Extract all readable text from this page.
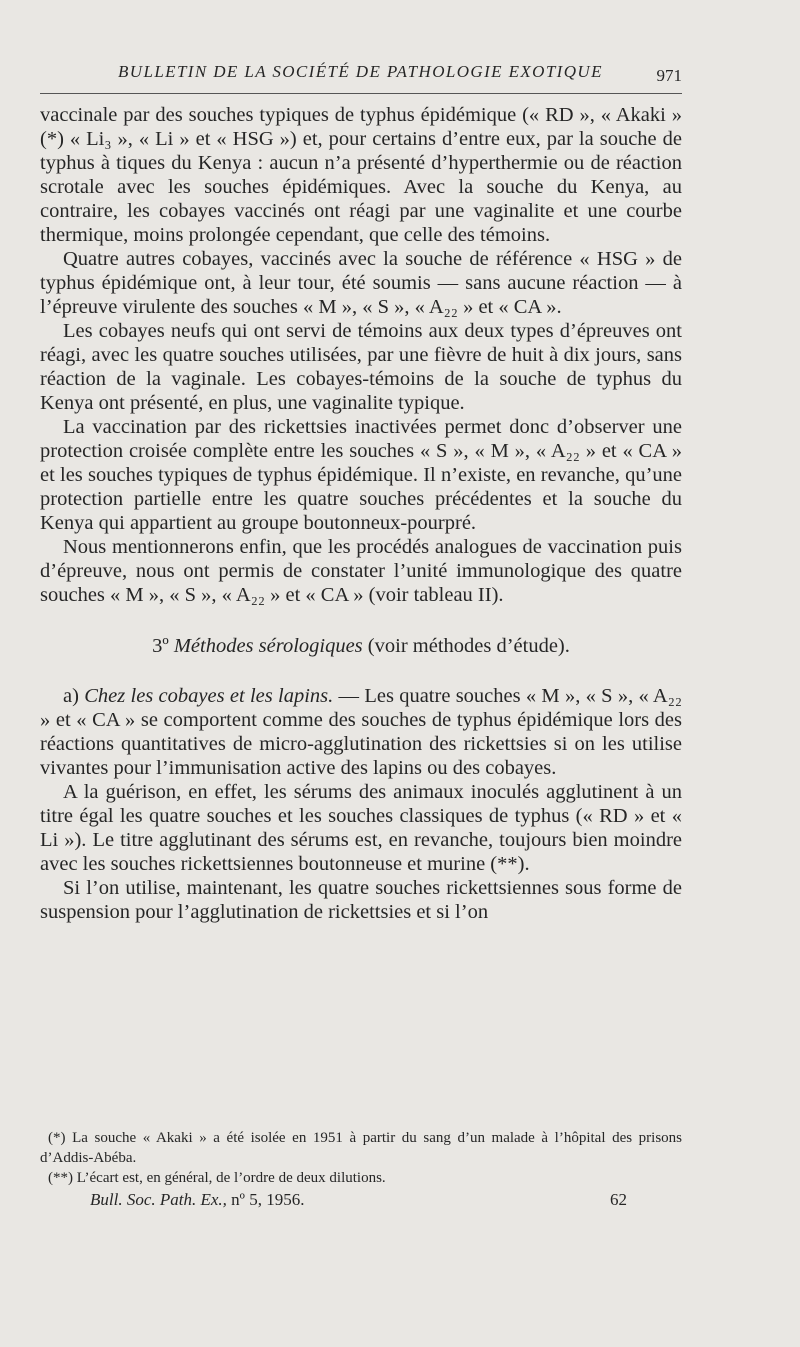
BULLETIN DE LA SOCIÉTÉ DE PATHOLOGIE EXOTIQUE	971

vaccinale par des souches typiques de typhus épidémique (« RD », « Akaki » (*) « Li₃ », « Li » et « HSG ») et, pour certains d’entre eux, par la souche de typhus à tiques du Kenya : aucun n’a présenté d’hyperthermie ou de réaction scrotale avec les souches épidémiques. Avec la souche du Kenya, au contraire, les cobayes vaccinés ont réagi par une vaginalite et une courbe thermique, moins prolongée cependant, que celle des témoins.

Quatre autres cobayes, vaccinés avec la souche de référence « HSG » de typhus épidémique ont, à leur tour, été soumis — sans aucune réaction — à l’épreuve virulente des souches « M », « S », « A₂₂ » et « CA ».

Les cobayes neufs qui ont servi de témoins aux deux types d’épreuves ont réagi, avec les quatre souches utilisées, par une fièvre de huit à dix jours, sans réaction de la vaginale. Les cobayes-témoins de la souche de typhus du Kenya ont présenté, en plus, une vaginalite typique.

La vaccination par des rickettsies inactivées permet donc d’observer une protection croisée complète entre les souches « S », « M », « A₂₂ » et « CA » et les souches typiques de typhus épidémique. Il n’existe, en revanche, qu’une protection partielle entre les quatre souches précédentes et la souche du Kenya qui appartient au groupe boutonneux-pourpré.

Nous mentionnerons enfin, que les procédés analogues de vaccination puis d’épreuve, nous ont permis de constater l’unité immunologique des quatre souches « M », « S », « A₂₂ » et « CA » (voir tableau II).

3º Méthodes sérologiques (voir méthodes d’étude).

a) Chez les cobayes et les lapins. — Les quatre souches « M », « S », « A₂₂ » et « CA » se comportent comme des souches de typhus épidémique lors des réactions quantitatives de micro-agglutination des rickettsies si on les utilise vivantes pour l’immunisation active des lapins ou des cobayes.

A la guérison, en effet, les sérums des animaux inoculés agglutinent à un titre égal les quatre souches et les souches classiques de typhus (« RD » et « Li »). Le titre agglutinant des sérums est, en revanche, toujours bien moindre avec les souches rickettsiennes boutonneuse et murine (**).

Si l’on utilise, maintenant, les quatre souches rickettsiennes sous forme de suspension pour l’agglutination de rickettsies et si l’on

(*) La souche « Akaki » a été isolée en 1951 à partir du sang d’un malade à l’hôpital des prisons d’Addis-Abéba.

(**) L’écart est, en général, de l’ordre de deux dilutions.

Bull. Soc. Path. Ex., nº 5, 1956.	62
